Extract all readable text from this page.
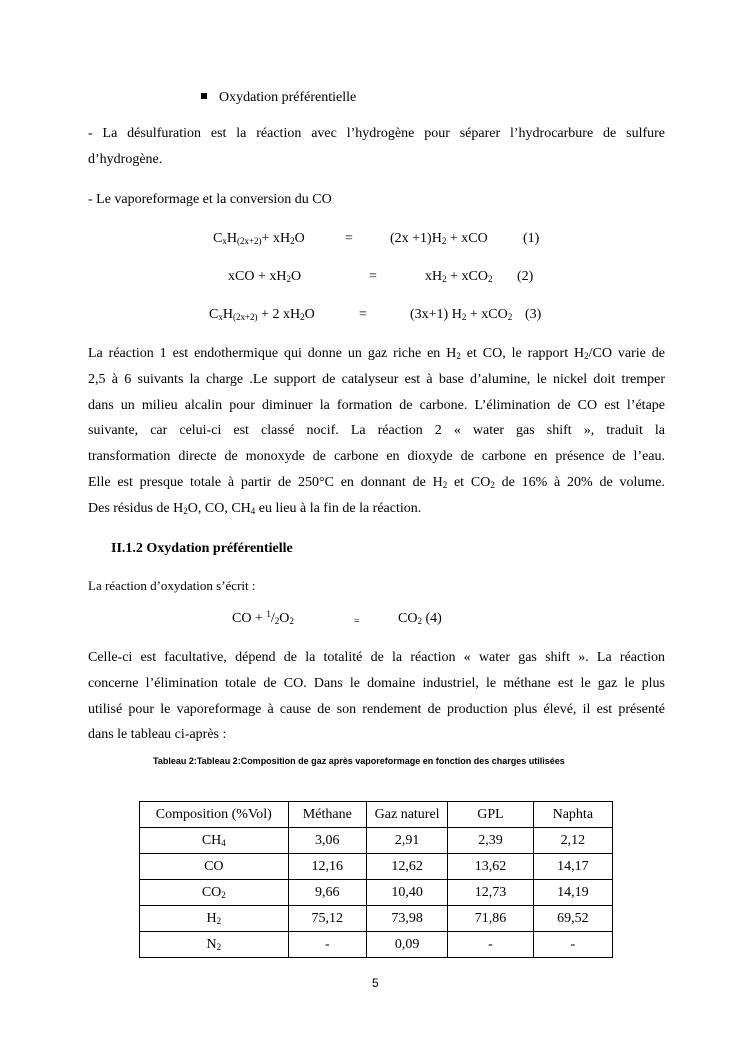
Oxydation préférentielle
- La désulfuration est la réaction avec l’hydrogène pour séparer l’hydrocarbure de sulfure
d’hydrogène.
- Le vaporeformage et la conversion du CO
$C_xH_{(2x+2)}+ xH_2O$	=	$(2x +1)H_2$ + xCO	(1)
xCO + $xH_2O$	=	$xH_2 + xCO_2$ (2)
$C_xH_{(2x+2)} + 2$ $xH_2O$	=	(3x+1) $H_2 + xCO_2$ (3)
La réaction 1 est endothermique qui donne un gaz riche en $H_2$ et CO, le rapport $H_2/CO$ varie de
2,5 à 6 suivants la charge .Le support de catalyseur est à base d’alumine, le nickel doit tremper
dans un milieu alcalin pour diminuer la formation de carbone. L’élimination de CO est l’étape
suivante, car celui-ci est classé nocif. La réaction 2 « water gas shift », traduit la
transformation directe de monoxyde de carbone en dioxyde de carbone en présence de l’eau.
Elle est presque totale à partir de 250°C en donnant de $H_2$ et $CO_2$ de 16% à 20% de volume.
Des résidus de $H_2O$, CO, $CH_4$ eu lieu à la fin de la réaction.
II.1.2 Oxydation préférentielle
La réaction d’oxydation s’écrit :
CO + $^1/_2O_2$	=	$CO_2$ (4)
Celle-ci est facultative, dépend de la totalité de la réaction « water gas shift ». La réaction
concerne l’élimination totale de CO. Dans le domaine industriel, le méthane est le gaz le plus
utilisé pour le vaporeformage à cause de son rendement de production plus élevé, il est présenté
dans le tableau ci-après :
Tableau 2:Tableau 2:Composition de gaz après vaporeformage en fonction des charges utilisées
Composition (%Vol)	Méthane	Gaz naturel	GPL	Naphta
$CH_4$	3,06	2,91	2,39	2,12
CO	12,16	12,62	13,62	14,17
$CO_2$	9,66	10,40	12,73	14,19
$H_2$	75,12	73,98	71,86	69,52
$N_2$	-	0,09	-	-
5
